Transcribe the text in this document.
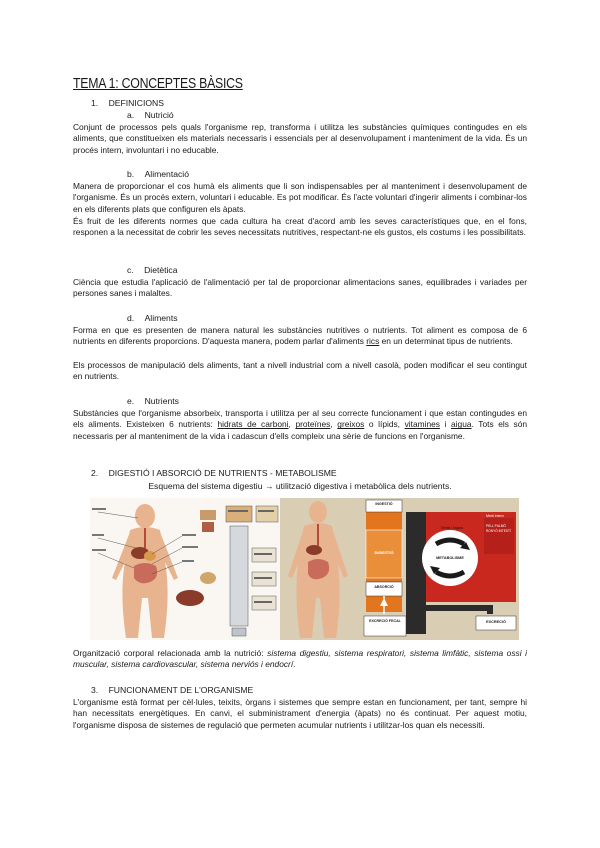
TEMA 1: CONCEPTES BÀSICS
1. DEFINICIONS
a. Nutrició

Conjunt de processos pels quals l'organisme rep, transforma i utilitza les substàncies químiques contingudes en els aliments, que constitueixen els materials necessaris i essencials per al desenvolupament i manteniment de la vida. És un procés intern, involuntari i no educable.

b. Alimentació

Manera de proporcionar el cos humà els aliments que li son indispensables per al manteniment i desenvolupament de l'organisme. És un procés extern, voluntari i educable. Es pot modificar. És l'acte voluntari d'ingerir aliments i combinar-los en els diferents plats que configuren els àpats.

És fruit de les diferents normes que cada cultura ha creat d'acord amb les seves característiques que, en el fons, responen a la necessitat de cobrir les seves necessitats nutritives, respectant-ne els gustos, els costums i les possibilitats.

c. Dietètica

Ciència que estudia l'aplicació de l'alimentació per tal de proporcionar alimentacions sanes, equilibrades i variades per persones sanes i malaltes.

d. Aliments

Forma en que es presenten de manera natural les substàncies nutritives o nutrients. Tot aliment es composa de 6 nutrients en diferents proporcions. D'aquesta manera, podem parlar d'aliments rics en un determinat tipus de nutrients.

Els processos de manipulació dels aliments, tant a nivell industrial com a nivell casolà, poden modificar el seu contingut en nutrients.

e. Nutrients

Substàncies que l'organisme absorbeix, transporta i utilitza per al seu correcte funcionament i que estan contingudes en els aliments. Existeixen 6 nutrients: hidrats de carboni, proteïnes, greixos o lípids, vitamines i aigua. Tots els són necessaris per al manteniment de la vida i cadascun d'ells compleix una sèrie de funcions en l'organisme.

2. DIGESTIÓ I ABSORCIÓ DE NUTRIENTS - METABOLISME
Esquema del sistema digestiu → utilització digestiva i metabòlica dels nutrients.
INGESTIÓ
DIGESTIÓ
ABSORCIÓ
EXCRECIÓ FECAL
Medi intern
Teixits i òrgans
METABOLISME
PELL PULMÓ RONYÓ INTESTÍ
EXCRECIÓ

Organització corporal relacionada amb la nutrició: sistema digestiu, sistema respiratori, sistema limfàtic, sistema ossi i muscular, sistema cardiovascular, sistema nerviós i endocrí.

3. FUNCIONAMENT DE L'ORGANISME

L'organisme està format per cèl·lules, teixits, òrgans i sistemes que sempre estan en funcionament, per tant, sempre hi han necessitats energètiques. En canvi, el subministrament d'energia (àpats) no és continuat. Per aquest motiu, l'organisme disposa de sistemes de regulació que permeten acumular nutrients i utilitzar-los quan els necessiti.
